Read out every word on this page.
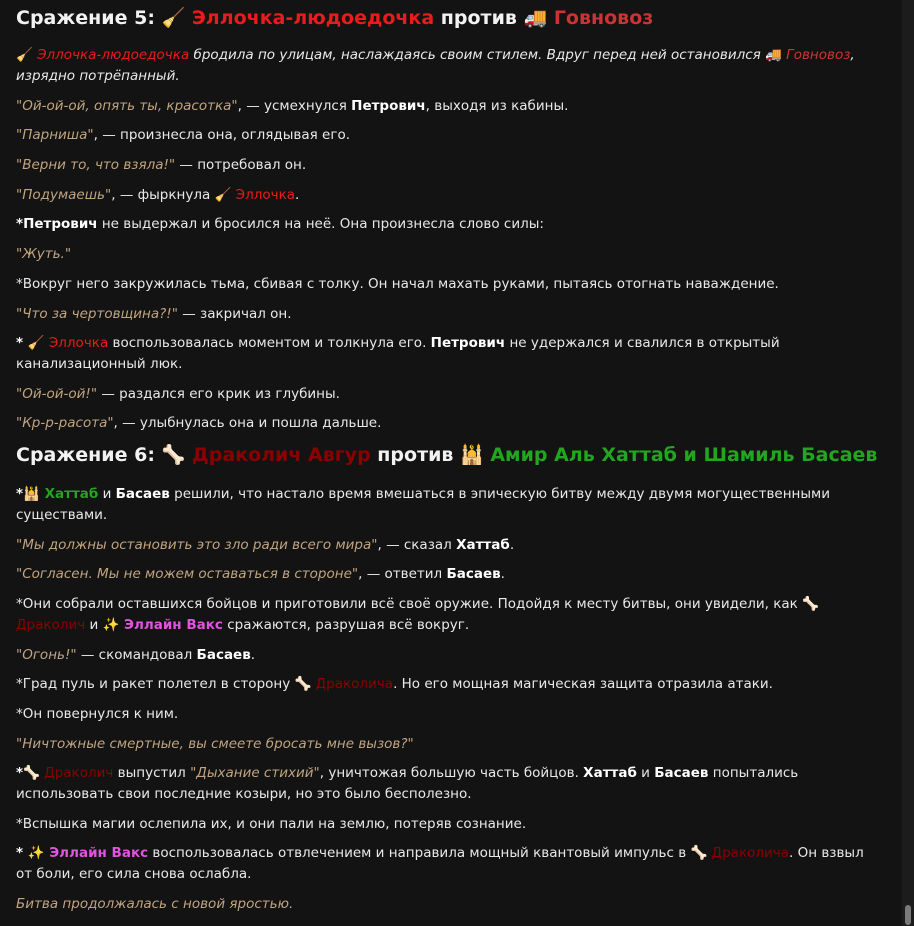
Сражение 5: 🧹 Эллочка-людоедочка против 🚚 Говновоз

🧹 Эллочка-людоедочка бродила по улицам, наслаждаясь своим стилем. Вдруг перед ней остановился 🚚 Говновоз, изрядно потрёпанный.

"Ой-ой-ой, опять ты, красотка", — усмехнулся Петрович, выходя из кабины.

"Парниша", — произнесла она, оглядывая его.

"Верни то, что взяла!" — потребовал он.

"Подумаешь", — фыркнула 🧹 Эллочка.

*Петрович не выдержал и бросился на неё. Она произнесла слово силы:

"Жуть."

*Вокруг него закружилась тьма, сбивая с толку. Он начал махать руками, пытаясь отогнать наваждение.

"Что за чертовщина?!" — закричал он.

* 🧹 Эллочка воспользовалась моментом и толкнула его. Петрович не удержался и свалился в открытый канализационный люк.

"Ой-ой-ой!" — раздался его крик из глубины.

"Кр-р-расота", — улыбнулась она и пошла дальше.

Сражение 6: 🦴 Драколич Авгур против 🕌 Амир Аль Хаттаб и Шамиль Басаев

*🕌 Хаттаб и Басаев решили, что настало время вмешаться в эпическую битву между двумя могущественными существами.

"Мы должны остановить это зло ради всего мира", — сказал Хаттаб.

"Согласен. Мы не можем оставаться в стороне", — ответил Басаев.

*Они собрали оставшихся бойцов и приготовили всё своё оружие. Подойдя к месту битвы, они увидели, как 🦴 Драколич и ✨ Эллайн Вакс сражаются, разрушая всё вокруг.

"Огонь!" — скомандовал Басаев.

*Град пуль и ракет полетел в сторону 🦴 Драколича. Но его мощная магическая защита отразила атаки.

*Он повернулся к ним.

"Ничтожные смертные, вы смеете бросать мне вызов?"

*🦴 Драколич выпустил "Дыхание стихий", уничтожая большую часть бойцов. Хаттаб и Басаев попытались использовать свои последние козыри, но это было бесполезно.

*Вспышка магии ослепила их, и они пали на землю, потеряв сознание.

* ✨ Эллайн Вакс воспользовалась отвлечением и направила мощный квантовый импульс в 🦴 Драколича. Он взвыл от боли, его сила снова ослабла.

Битва продолжалась с новой яростью.
